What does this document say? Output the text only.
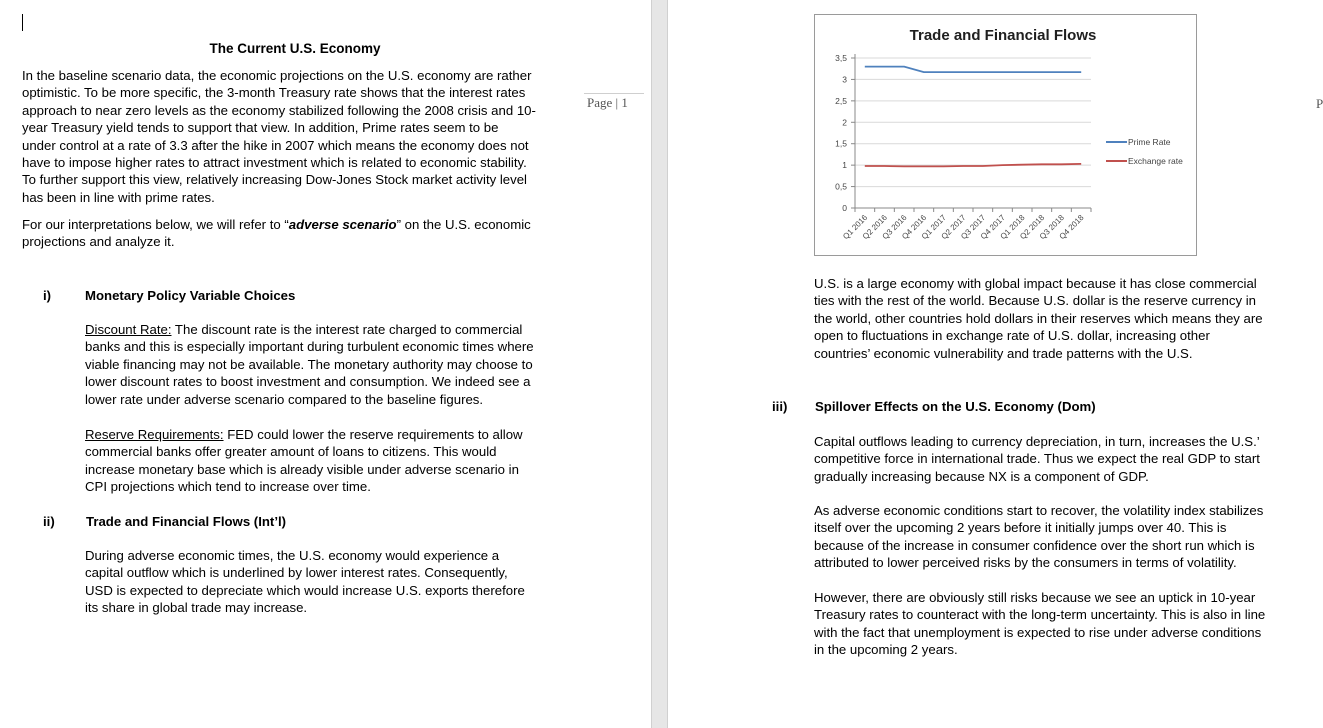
The Current U.S. Economy

In the baseline scenario data, the economic projections on the U.S. economy are rather

optimistic. To be more specific, the 3-month Treasury rate shows that the interest rates

approach to near zero levels as the economy stabilized following the 2008 crisis and 10-

year Treasury yield tends to support that view. In addition, Prime rates seem to be

under control at a rate of 3.3 after the hike in 2007 which means the economy does not

have to impose higher rates to attract investment which is related to economic stability.

To further support this view, relatively increasing Dow-Jones Stock market activity level

has been in line with prime rates.

For our interpretations below, we will refer to “adverse scenario” on the U.S. economic

projections and analyze it.

i)	Monetary Policy Variable Choices

Discount Rate: The discount rate is the interest rate charged to commercial

banks and this is especially important during turbulent economic times where

viable financing may not be available. The monetary authority may choose to

lower discount rates to boost investment and consumption. We indeed see a

lower rate under adverse scenario compared to the baseline figures.

Reserve Requirements: FED could lower the reserve requirements to allow

commercial banks offer greater amount of loans to citizens. This would

increase monetary base which is already visible under adverse scenario in

CPI projections which tend to increase over time.

ii) Trade and Financial Flows (Int’l)

During adverse economic times, the U.S. economy would experience a

capital outflow which is underlined by lower interest rates. Consequently,

USD is expected to depreciate which would increase U.S. exports therefore

its share in global trade may increase.

Page | 1
Trade and Financial Flows
0
0,5
1
1,5
2
2,5
3
3,5
Q1 2016
Q2 2016
Q3 2016
Q4 2016
Q1 2017
Q2 2017
Q3 2017
Q4 2017
Q1 2018
Q2 2018
Q3 2018
Q4 2018
Prime Rate
Exchange rate

U.S. is a large economy with global impact because it has close commercial

ties with the rest of the world. Because U.S. dollar is the reserve currency in

the world, other countries hold dollars in their reserves which means they are

open to fluctuations in exchange rate of U.S. dollar, increasing other

countries’ economic vulnerability and trade patterns with the U.S.

iii) Spillover Effects on the U.S. Economy (Dom)

Capital outflows leading to currency depreciation, in turn, increases the U.S.’

competitive force in international trade. Thus we expect the real GDP to start

gradually increasing because NX is a component of GDP.

As adverse economic conditions start to recover, the volatility index stabilizes

itself over the upcoming 2 years before it initially jumps over 40. This is

because of the increase in consumer confidence over the short run which is

attributed to lower perceived risks by the consumers in terms of volatility.

However, there are obviously still risks because we see an uptick in 10-year

Treasury rates to counteract with the long-term uncertainty. This is also in line

with the fact that unemployment is expected to rise under adverse conditions

in the upcoming 2 years.

P
